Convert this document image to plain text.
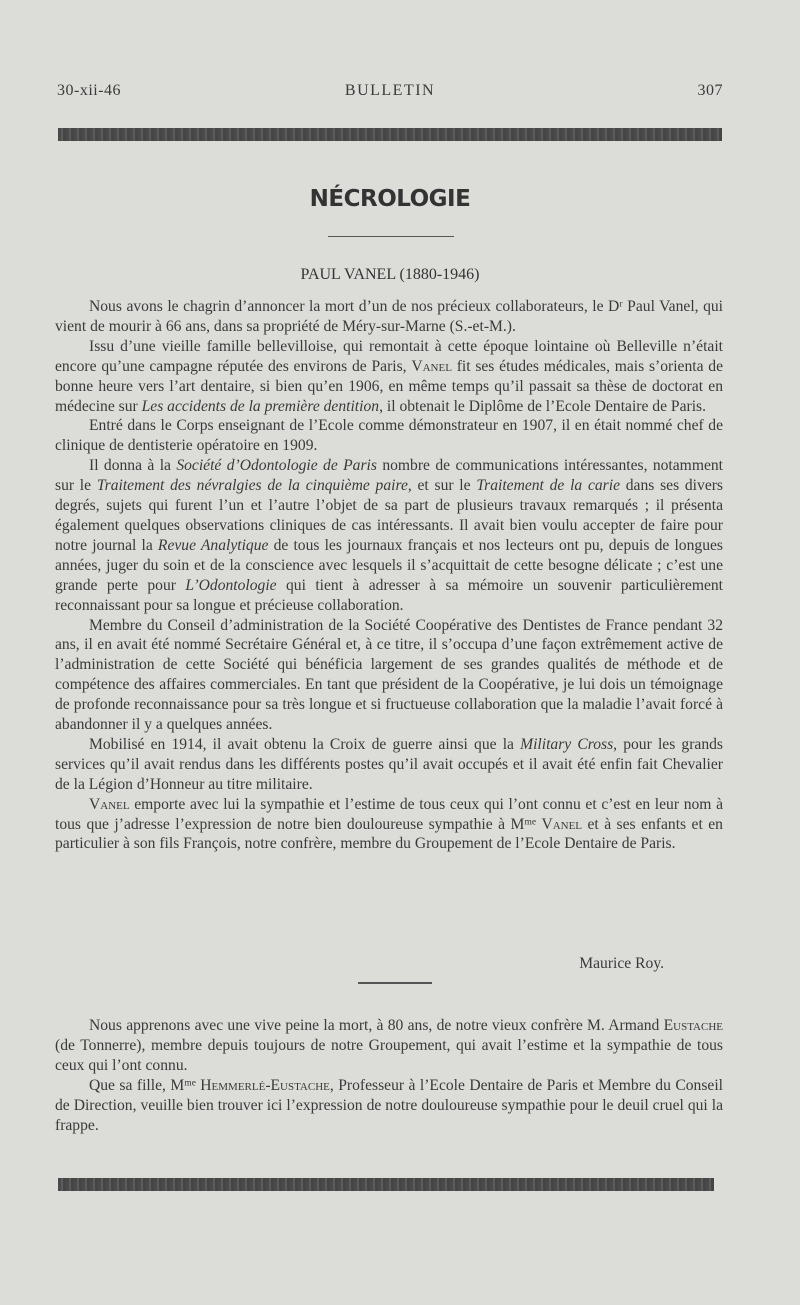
30-xii-46	BULLETIN	307
NÉCROLOGIE
PAUL VANEL (1880-1946)

Nous avons le chagrin d’annoncer la mort d’un de nos précieux collaborateurs, le Dʳ Paul Vanel, qui vient de mourir à 66 ans, dans sa propriété de Méry-sur-Marne (S.-et-M.).

Issu d’une vieille famille bellevilloise, qui remontait à cette époque lointaine où Belleville n’était encore qu’une campagne réputée des environs de Paris, Vanel fit ses études médicales, mais s’orienta de bonne heure vers l’art dentaire, si bien qu’en 1906, en même temps qu’il passait sa thèse de doctorat en médecine sur Les accidents de la première dentition, il obtenait le Diplôme de l’Ecole Dentaire de Paris.

Entré dans le Corps enseignant de l’Ecole comme démonstrateur en 1907, il en était nommé chef de clinique de dentisterie opératoire en 1909.

Il donna à la Société d’Odontologie de Paris nombre de communications intéressantes, notamment sur le Traitement des névralgies de la cinquième paire, et sur le Traitement de la carie dans ses divers degrés, sujets qui furent l’un et l’autre l’objet de sa part de plusieurs travaux remarqués ; il présenta également quelques observations cliniques de cas intéressants. Il avait bien voulu accepter de faire pour notre journal la Revue Analytique de tous les journaux français et nos lecteurs ont pu, depuis de longues années, juger du soin et de la conscience avec lesquels il s’acquittait de cette besogne délicate ; c’est une grande perte pour L’Odontologie qui tient à adresser à sa mémoire un souvenir particulièrement reconnaissant pour sa longue et précieuse collaboration.

Membre du Conseil d’administration de la Société Coopérative des Dentistes de France pendant 32 ans, il en avait été nommé Secrétaire Général et, à ce titre, il s’occupa d’une façon extrêmement active de l’administration de cette Société qui bénéficia largement de ses grandes qualités de méthode et de compétence des affaires commerciales. En tant que président de la Coopérative, je lui dois un témoignage de profonde reconnaissance pour sa très longue et si fructueuse collaboration que la maladie l’avait forcé à abandonner il y a quelques années.

Mobilisé en 1914, il avait obtenu la Croix de guerre ainsi que la Military Cross, pour les grands services qu’il avait rendus dans les différents postes qu’il avait occupés et il avait été enfin fait Chevalier de la Légion d’Honneur au titre militaire.

Vanel emporte avec lui la sympathie et l’estime de tous ceux qui l’ont connu et c’est en leur nom à tous que j’adresse l’expression de notre bien douloureuse sympathie à Mᵐᵉ Vanel et à ses enfants et en particulier à son fils François, notre confrère, membre du Groupement de l’Ecole Dentaire de Paris.

Maurice Roy.

Nous apprenons avec une vive peine la mort, à 80 ans, de notre vieux confrère M. Armand Eustache (de Tonnerre), membre depuis toujours de notre Groupement, qui avait l’estime et la sympathie de tous ceux qui l’ont connu.

Que sa fille, Mᵐᵉ Hemmerlé-Eustache, Professeur à l’Ecole Dentaire de Paris et Membre du Conseil de Direction, veuille bien trouver ici l’expression de notre douloureuse sympathie pour le deuil cruel qui la frappe.
